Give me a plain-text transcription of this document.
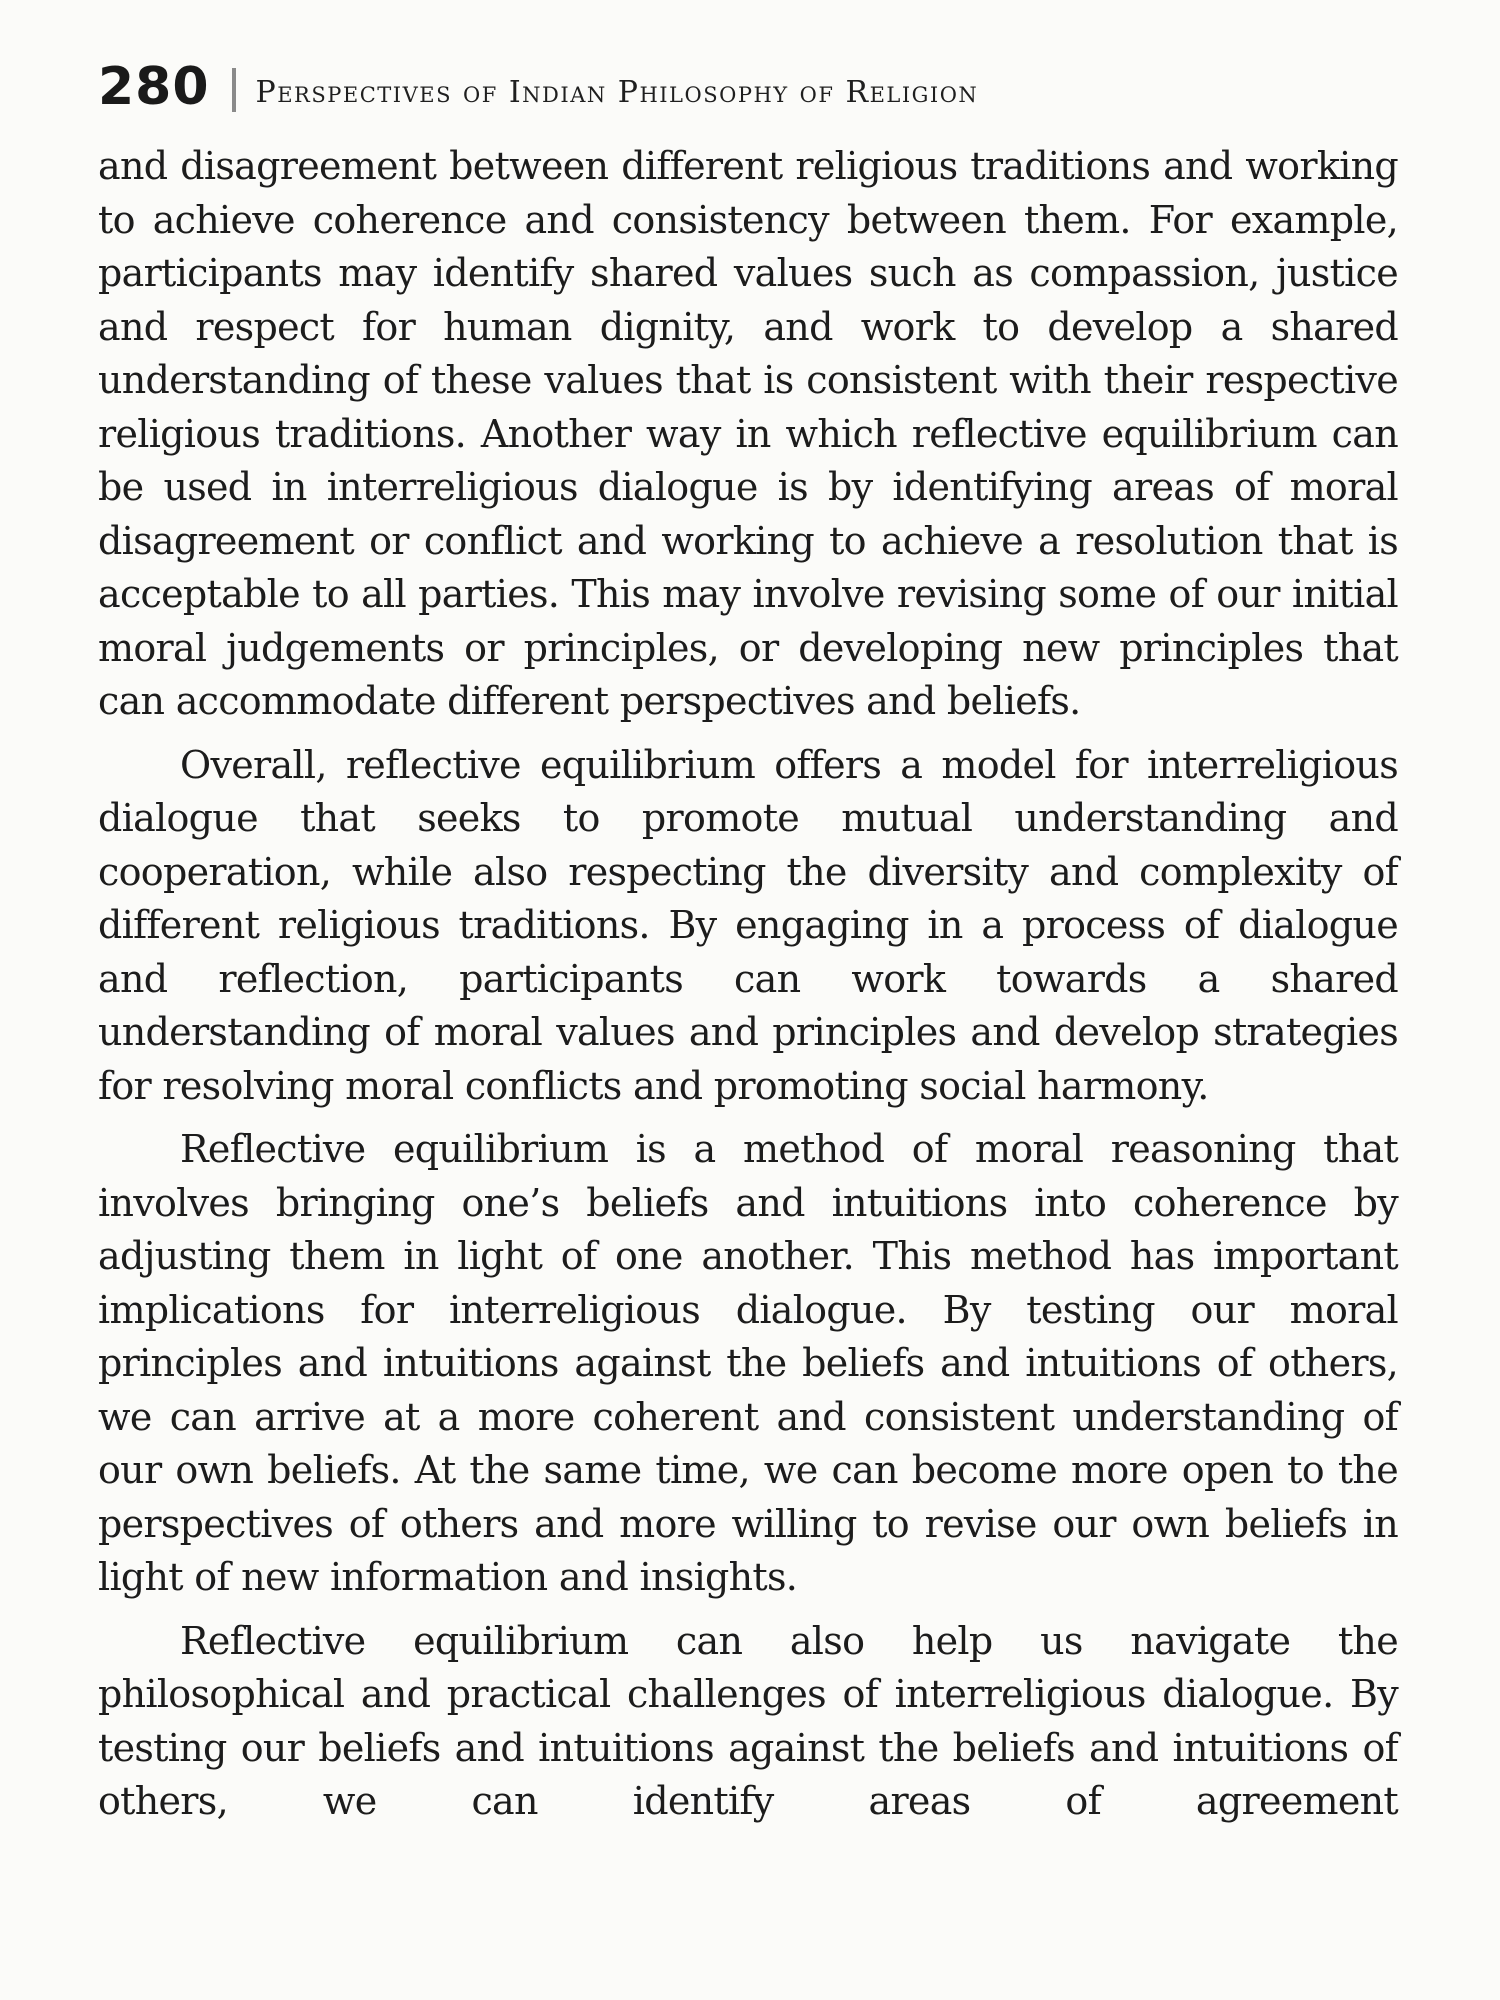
280 Perspectives of Indian Philosophy of Religion

and disagreement between different religious traditions and working to achieve coherence and consistency between them. For example, participants may identify shared values such as compassion, justice and respect for human dignity, and work to develop a shared understanding of these values that is consistent with their respective religious traditions. Another way in which reflective equilibrium can be used in interreligious dialogue is by identifying areas of moral disagreement or conflict and working to achieve a resolution that is acceptable to all parties. This may involve revising some of our initial moral judgements or principles, or developing new principles that can accommodate different perspectives and beliefs.

Overall, reflective equilibrium offers a model for interreligious dialogue that seeks to promote mutual understanding and cooperation, while also respecting the diversity and complexity of different religious traditions. By engaging in a process of dialogue and reflection, participants can work towards a shared understanding of moral values and principles and develop strategies for resolving moral conflicts and promoting social harmony.

Reflective equilibrium is a method of moral reasoning that involves bringing one’s beliefs and intuitions into coherence by adjusting them in light of one another. This method has important implications for interreligious dialogue. By testing our moral principles and intuitions against the beliefs and intuitions of others, we can arrive at a more coherent and consistent understanding of our own beliefs. At the same time, we can become more open to the perspectives of others and more willing to revise our own beliefs in light of new information and insights.

Reflective equilibrium can also help us navigate the philosophical and practical challenges of interreligious dialogue. By testing our beliefs and intuitions against the beliefs and intuitions of others, we can identify areas of agreement
